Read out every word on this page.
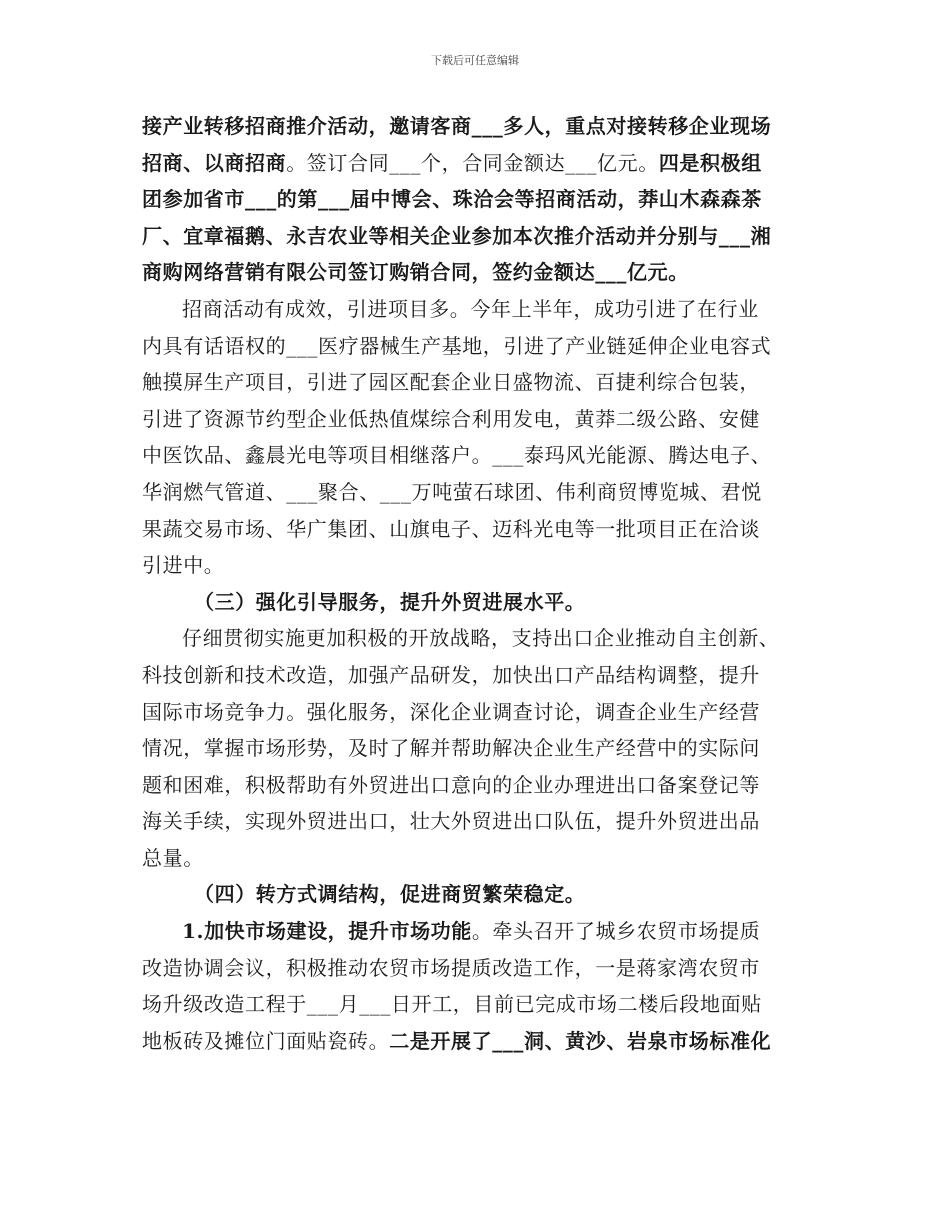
下载后可任意编辑
接产业转移招商推介活动，邀请客商___多人，重点对接转移企业现场
招商、以商招商。签订合同___个，合同金额达___亿元。四是积极组
团参加省市___的第___届中博会、珠洽会等招商活动，莽山木森森茶
厂、宜章福鹅、永吉农业等相关企业参加本次推介活动并分别与___湘
商购网络营销有限公司签订购销合同，签约金额达___亿元。
招商活动有成效，引进项目多。今年上半年，成功引进了在行业
内具有话语权的___医疗器械生产基地，引进了产业链延伸企业电容式
触摸屏生产项目，引进了园区配套企业日盛物流、百捷利综合包装，
引进了资源节约型企业低热值煤综合利用发电，黄莽二级公路、安健
中医饮品、鑫晨光电等项目相继落户。___泰玛风光能源、腾达电子、
华润燃气管道、___聚合、___万吨萤石球团、伟利商贸博览城、君悦
果蔬交易市场、华广集团、山旗电子、迈科光电等一批项目正在洽谈
引进中。
（三）强化引导服务，提升外贸进展水平。
仔细贯彻实施更加积极的开放战略，支持出口企业推动自主创新、
科技创新和技术改造，加强产品研发，加快出口产品结构调整，提升
国际市场竞争力。强化服务，深化企业调查讨论，调查企业生产经营
情况，掌握市场形势，及时了解并帮助解决企业生产经营中的实际问
题和困难，积极帮助有外贸进出口意向的企业办理进出口备案登记等
海关手续，实现外贸进出口，壮大外贸进出口队伍，提升外贸进出品
总量。
（四）转方式调结构，促进商贸繁荣稳定。
1.加快市场建设，提升市场功能。牵头召开了城乡农贸市场提质
改造协调会议，积极推动农贸市场提质改造工作，一是蒋家湾农贸市
场升级改造工程于___月___日开工，目前已完成市场二楼后段地面贴
地板砖及摊位门面贴瓷砖。二是开展了___洞、黄沙、岩泉市场标准化
